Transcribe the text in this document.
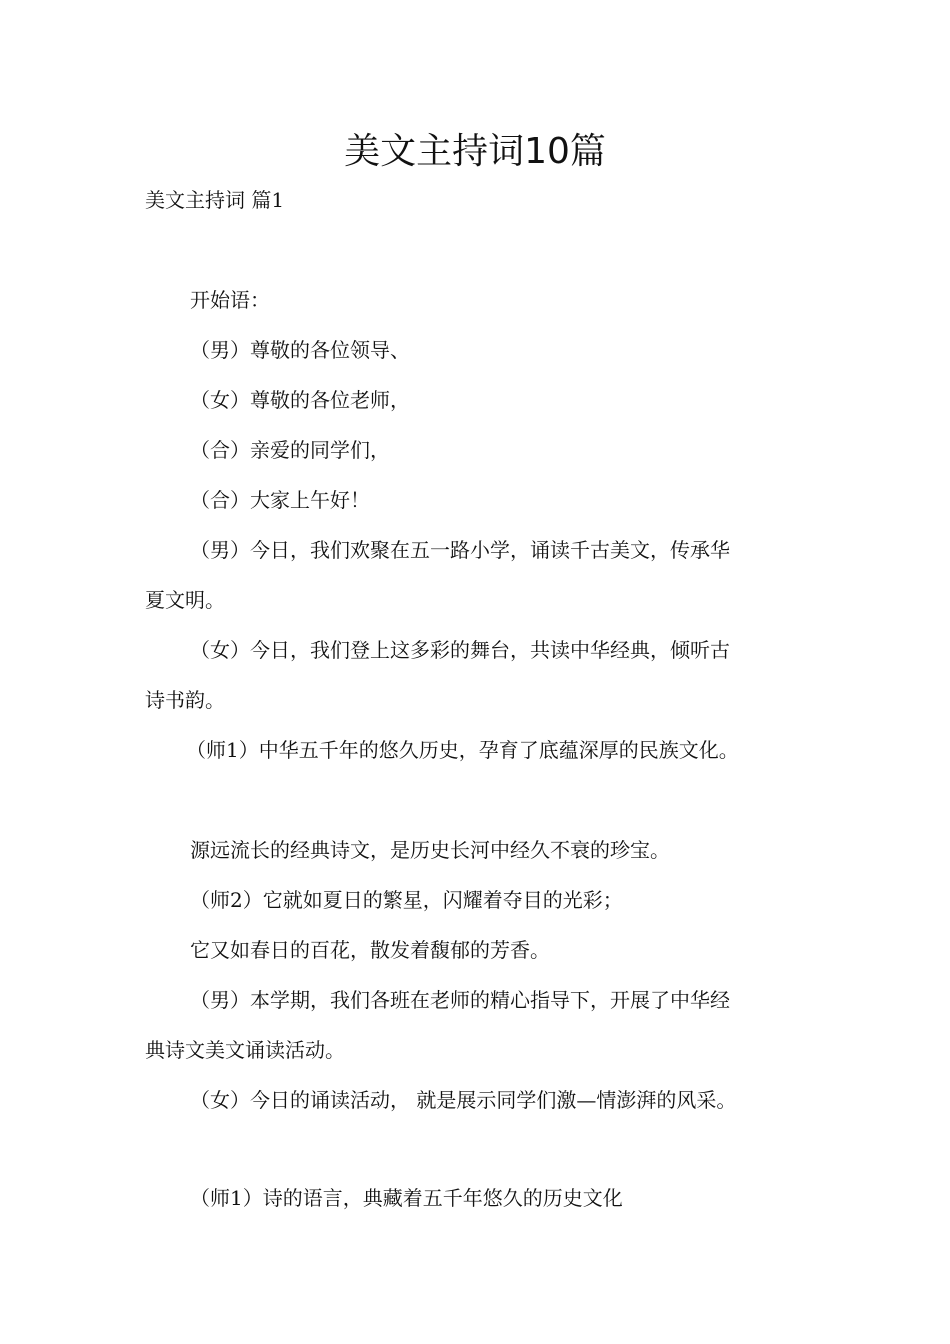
美文主持词10篇
美文主持词 篇1
开始语：
（男）尊敬的各位领导、
（女）尊敬的各位老师，
（合）亲爱的同学们，
（合）大家上午好！
（男）今日，我们欢聚在五一路小学，诵读千古美文，传承华
夏文明。
（女）今日，我们登上这多彩的舞台，共读中华经典，倾听古
诗书韵。
（师1）中华五千年的悠久历史，孕育了底蕴深厚的民族文化。
源远流长的经典诗文，是历史长河中经久不衰的珍宝。
（师2）它就如夏日的繁星，闪耀着夺目的光彩；
它又如春日的百花，散发着馥郁的芳香。
（男）本学期，我们各班在老师的精心指导下，开展了中华经
典诗文美文诵读活动。
（女）今日的诵读活动， 就是展示同学们激—情澎湃的风采。
（师1）诗的语言，典藏着五千年悠久的历史文化
